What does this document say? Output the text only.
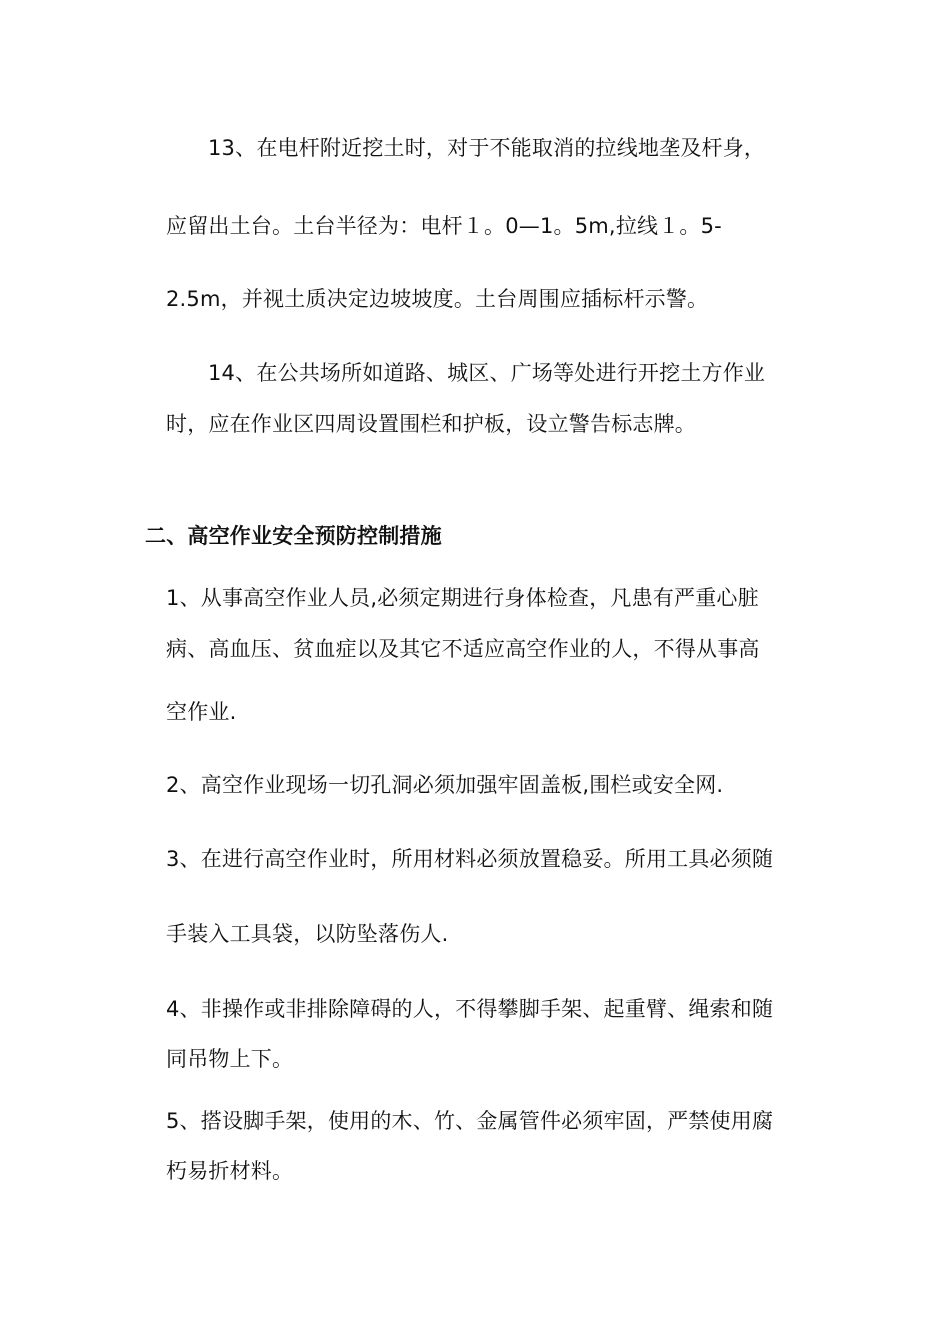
13、在电杆附近挖土时，对于不能取消的拉线地垄及杆身，
应留出土台。土台半径为：电杆１。0—1。5m,拉线１。5-
2.5m，并视土质决定边坡坡度。土台周围应插标杆示警。
14、在公共场所如道路、城区、广场等处进行开挖土方作业
时，应在作业区四周设置围栏和护板，设立警告标志牌。
二、高空作业安全预防控制措施
1、从事高空作业人员,必须定期进行身体检查，凡患有严重心脏
病、高血压、贫血症以及其它不适应高空作业的人，不得从事高
空作业.
2、高空作业现场一切孔洞必须加强牢固盖板,围栏或安全网.
3、在进行高空作业时，所用材料必须放置稳妥。所用工具必须随
手装入工具袋，以防坠落伤人.
4、非操作或非排除障碍的人，不得攀脚手架、起重臂、绳索和随
同吊物上下。
5、搭设脚手架，使用的木、竹、金属管件必须牢固，严禁使用腐
朽易折材料。
